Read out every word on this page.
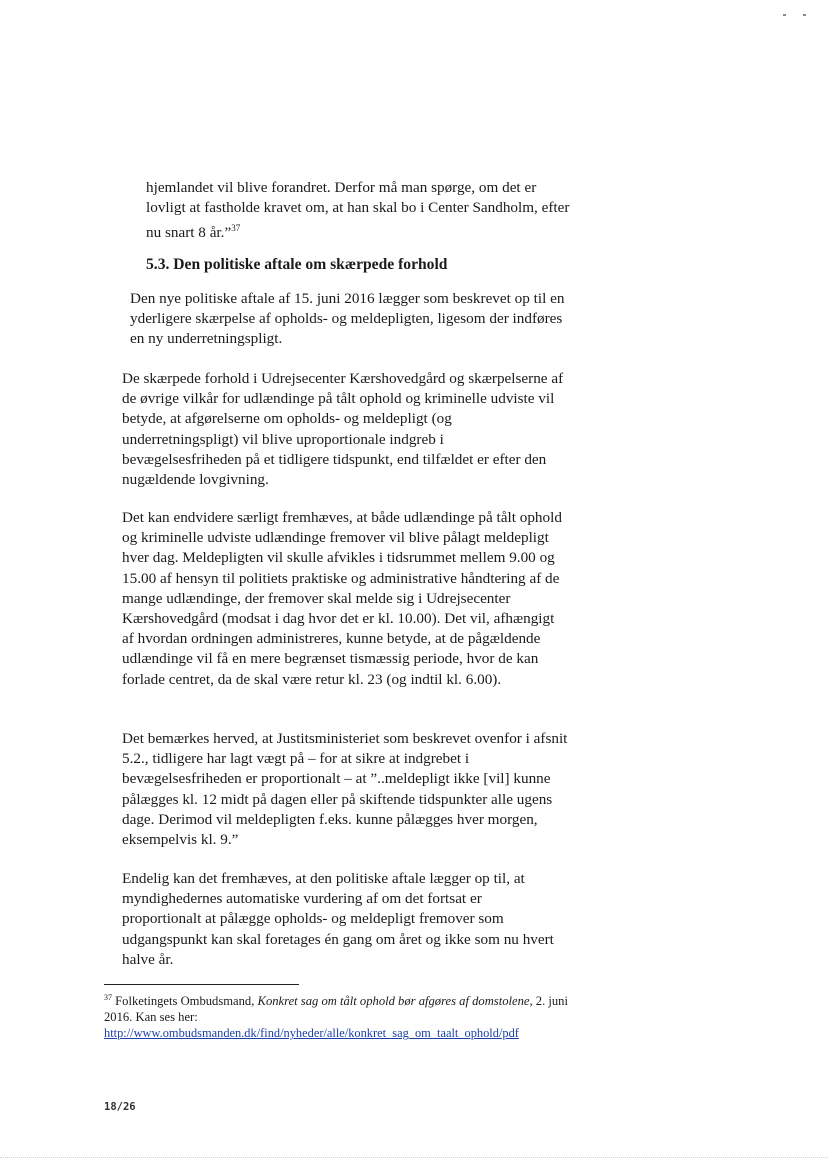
hjemlandet vil blive forandret. Derfor må man spørge, om det er lovligt at fastholde kravet om, at han skal bo i Center Sandholm, efter nu snart 8 år.”$^{37}$

5.3. Den politiske aftale om skærpede forhold

Den nye politiske aftale af 15. juni 2016 lægger som beskrevet op til en yderligere skærpelse af opholds- og meldepligten, ligesom der indføres en ny underretningspligt.

De skærpede forhold i Udrejsecenter Kærshovedgård og skærpelserne af de øvrige vilkår for udlændinge på tålt ophold og kriminelle udviste vil betyde, at afgørelserne om opholds- og meldepligt (og underretningspligt) vil blive uproportionale indgreb i bevægelsesfriheden på et tidligere tidspunkt, end tilfældet er efter den nugældende lovgivning.

Det kan endvidere særligt fremhæves, at både udlændinge på tålt ophold og kriminelle udviste udlændinge fremover vil blive pålagt meldepligt hver dag. Meldepligten vil skulle afvikles i tidsrummet mellem 9.00 og 15.00 af hensyn til politiets praktiske og administrative håndtering af de mange udlændinge, der fremover skal melde sig i Udrejsecenter Kærshovedgård (modsat i dag hvor det er kl. 10.00). Det vil, afhængigt af hvordan ordningen administreres, kunne betyde, at de pågældende udlændinge vil få en mere begrænset tismæssig periode, hvor de kan forlade centret, da de skal være retur kl. 23 (og indtil kl. 6.00).

Det bemærkes herved, at Justitsministeriet som beskrevet ovenfor i afsnit 5.2., tidligere har lagt vægt på – for at sikre at indgrebet i bevægelsesfriheden er proportionalt – at ”..meldepligt ikke [vil] kunne pålægges kl. 12 midt på dagen eller på skiftende tidspunkter alle ugens dage. Derimod vil meldepligten f.eks. kunne pålægges hver morgen, eksempelvis kl. 9.”

Endelig kan det fremhæves, at den politiske aftale lægger op til, at myndighedernes automatiske vurdering af om det fortsat er proportionalt at pålægge opholds- og meldepligt fremover som udgangspunkt kan skal foretages én gang om året og ikke som nu hvert halve år.

$^{37}$ Folketingets Ombudsmand, Konkret sag om tålt ophold bør afgøres af domstolene, 2. juni 2016. Kan ses her:
http://www.ombudsmanden.dk/find/nyheder/alle/konkret_sag_om_taalt_ophold/pdf
18/26
